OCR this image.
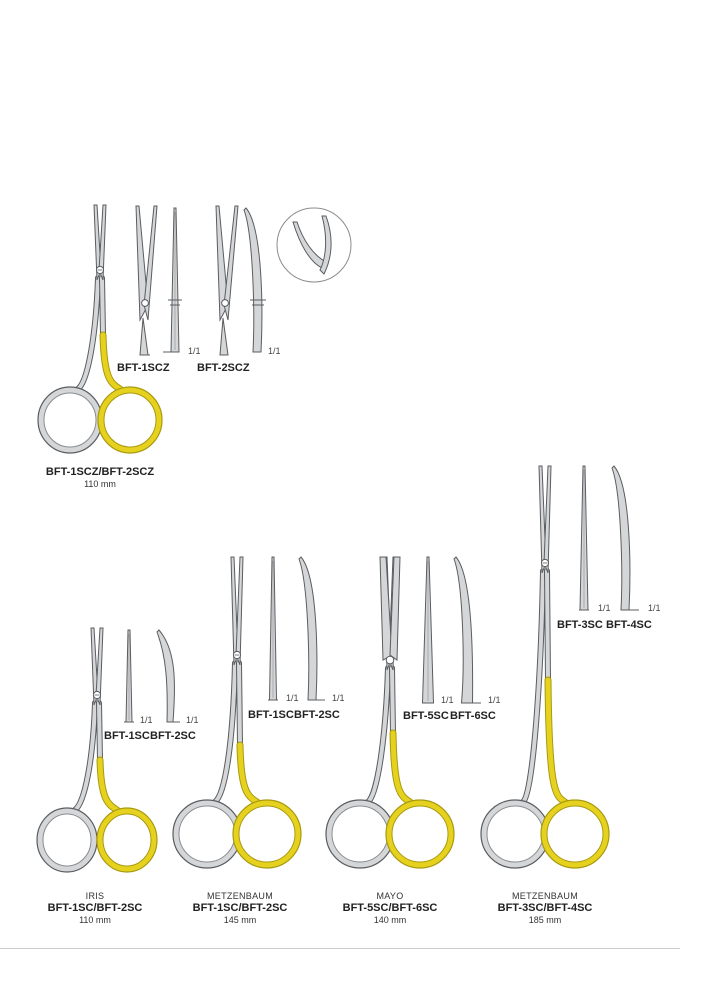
BFT-1SCZ BFT-2SCZ
1/1	1/1
BFT-1SCZ/BFT-2SCZ
110 mm
BFT-1SC BFT-2SC
1/1	1/1
IRIS
BFT-1SC/BFT-2SC
110 mm
BFT-1SC BFT-2SC
1/1	1/1
METZENBAUM
BFT-1SC/BFT-2SC
145 mm
BFT-5SC BFT-6SC
1/1	1/1
MAYO
BFT-5SC/BFT-6SC
140 mm
BFT-3SC BFT-4SC
1/1	1/1
METZENBAUM
BFT-3SC/BFT-4SC
185 mm
